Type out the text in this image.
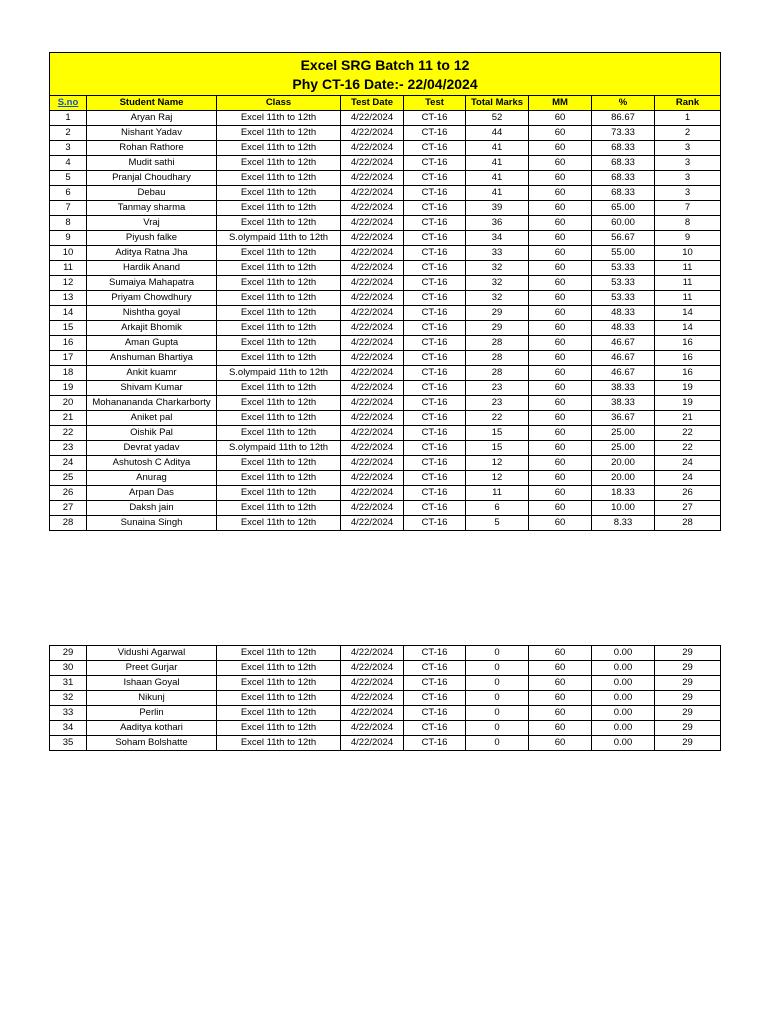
Excel SRG Batch 11 to 12
Phy CT-16 Date:- 22/04/2024								

S.no	Student Name	Class	Test Date	Test	Total Marks	MM	%	Rank
1	Aryan Raj	Excel 11th to 12th	4/22/2024	CT-16	52	60	86.67	1
2	Nishant Yadav	Excel 11th to 12th	4/22/2024	CT-16	44	60	73.33	2
3	Rohan Rathore	Excel 11th to 12th	4/22/2024	CT-16	41	60	68.33	3
4	Mudit sathi	Excel 11th to 12th	4/22/2024	CT-16	41	60	68.33	3
5	Pranjal Choudhary	Excel 11th to 12th	4/22/2024	CT-16	41	60	68.33	3
6	Debau	Excel 11th to 12th	4/22/2024	CT-16	41	60	68.33	3
7	Tanmay sharma	Excel 11th to 12th	4/22/2024	CT-16	39	60	65.00	7
8	Vraj	Excel 11th to 12th	4/22/2024	CT-16	36	60	60.00	8
9	Piyush falke	S.olympaid 11th to 12th	4/22/2024	CT-16	34	60	56.67	9
10	Aditya Ratna Jha	Excel 11th to 12th	4/22/2024	CT-16	33	60	55.00	10
11	Hardik Anand	Excel 11th to 12th	4/22/2024	CT-16	32	60	53.33	11
12	Sumaiya Mahapatra	Excel 11th to 12th	4/22/2024	CT-16	32	60	53.33	11
13	Priyam Chowdhury	Excel 11th to 12th	4/22/2024	CT-16	32	60	53.33	11
14	Nishtha goyal	Excel 11th to 12th	4/22/2024	CT-16	29	60	48.33	14
15	Arkajit Bhomik	Excel 11th to 12th	4/22/2024	CT-16	29	60	48.33	14
16	Aman Gupta	Excel 11th to 12th	4/22/2024	CT-16	28	60	46.67	16
17	Anshuman Bhartiya	Excel 11th to 12th	4/22/2024	CT-16	28	60	46.67	16
18	Ankit kuamr	S.olympaid 11th to 12th	4/22/2024	CT-16	28	60	46.67	16
19	Shivam Kumar	Excel 11th to 12th	4/22/2024	CT-16	23	60	38.33	19
20	Mohanananda Charkarborty	Excel 11th to 12th	4/22/2024	CT-16	23	60	38.33	19
21	Aniket pal	Excel 11th to 12th	4/22/2024	CT-16	22	60	36.67	21
22	Oishik Pal	Excel 11th to 12th	4/22/2024	CT-16	15	60	25.00	22
23	Devrat yadav	S.olympaid 11th to 12th	4/22/2024	CT-16	15	60	25.00	22
24	Ashutosh C Aditya	Excel 11th to 12th	4/22/2024	CT-16	12	60	20.00	24
25	Anurag	Excel 11th to 12th	4/22/2024	CT-16	12	60	20.00	24
26	Arpan Das	Excel 11th to 12th	4/22/2024	CT-16	11	60	18.33	26
27	Daksh jain	Excel 11th to 12th	4/22/2024	CT-16	6	60	10.00	27
28	Sunaina Singh	Excel 11th to 12th	4/22/2024	CT-16	5	60	8.33	28
29	Vidushi Agarwal	Excel 11th to 12th	4/22/2024	CT-16	0	60	0.00	29
30	Preet Gurjar	Excel 11th to 12th	4/22/2024	CT-16	0	60	0.00	29
31	Ishaan Goyal	Excel 11th to 12th	4/22/2024	CT-16	0	60	0.00	29
32	Nikunj	Excel 11th to 12th	4/22/2024	CT-16	0	60	0.00	29
33	Perlin	Excel 11th to 12th	4/22/2024	CT-16	0	60	0.00	29
34	Aaditya kothari	Excel 11th to 12th	4/22/2024	CT-16	0	60	0.00	29
35	Soham Bolshatte	Excel 11th to 12th	4/22/2024	CT-16	0	60	0.00	29
